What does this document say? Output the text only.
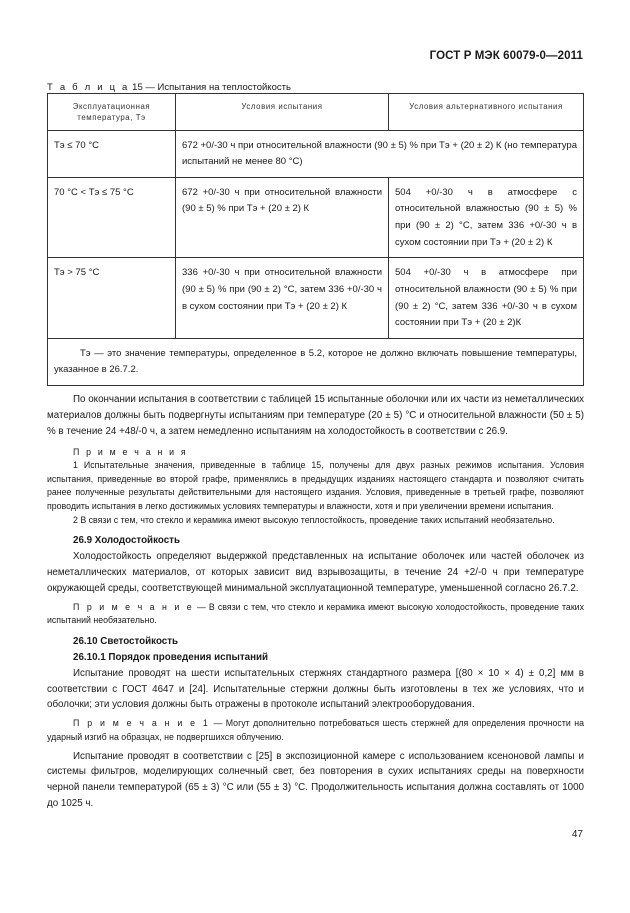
ГОСТ Р МЭК 60079-0—2011
Т а б л и ц а 15 — Испытания на теплостойкость
Эксплуатационная температура, Tэ	Условия испытания	Условия альтернативного испытания
Tэ ≤ 70 °С	672 +0/-30 ч при относительной влажности (90 ± 5) % при Tэ + (20 ± 2) К (но температура испытаний не менее 80 °С)	
70 °С < Tэ ≤ 75 °С	672 +0/-30 ч при относительной влажности (90 ± 5) % при Tэ + (20 ± 2) К	504 +0/-30 ч в атмосфере с относительной влажностью (90 ± 5) % при (90 ± 2) °С, затем 336 +0/-30 ч в сухом состоянии при Tэ + (20 ± 2) К
Tэ > 75 °С	336 +0/-30 ч при относительной влажности (90 ± 5) % при (90 ± 2) °С, затем 336 +0/-30 ч в сухом состоянии при Tэ + (20 ± 2) К	504 +0/-30 ч в атмосфере при относительной влажности (90 ± 5) % при (90 ± 2) °С, затем 336 +0/-30 ч в сухом состоянии при Tэ + (20 ± 2)К
Tэ — это значение температуры, определенное в 5.2, которое не должно включать повышение температуры, указанное в 26.7.2.		

По окончании испытания в соответствии с таблицей 15 испытанные оболочки или их части из неметаллических материалов должны быть подвергнуты испытаниям при температуре (20 ± 5) °С и относительной влажности (50 ± 5) % в течение 24 +48/-0 ч, а затем немедленно испытаниям на холодостойкость в соответствии с 26.9.

П р и м е ч а н и я

1 Испытательные значения, приведенные в таблице 15, получены для двух разных режимов испытания. Условия испытания, приведенные во второй графе, применялись в предыдущих изданиях настоящего стандарта и позволяют считать ранее полученные результаты действительными для настоящего издания. Условия, приведенные в третьей графе, позволяют проводить испытания в легко достижимых условиях температуры и влажности, хотя и при увеличении времени испытания.

2 В связи с тем, что стекло и керамика имеют высокую теплостойкость, проведение таких испытаний необязательно.

26.9 Холодостойкость

Холодостойкость определяют выдержкой представленных на испытание оболочек или частей оболочек из неметаллических материалов, от которых зависит вид взрывозащиты, в течение 24 +2/-0 ч при температуре окружающей среды, соответствующей минимальной эксплуатационной температуре, уменьшенной согласно 26.7.2.

П р и м е ч а н и е — В связи с тем, что стекло и керамика имеют высокую холодостойкость, проведение таких испытаний необязательно.

26.10 Светостойкость

26.10.1 Порядок проведения испытаний

Испытание проводят на шести испытательных стержнях стандартного размера [(80 × 10 × 4) ± 0,2] мм в соответствии с ГОСТ 4647 и [24]. Испытательные стержни должны быть изготовлены в тех же условиях, что и оболочки; эти условия должны быть отражены в протоколе испытаний электрооборудования.

П р и м е ч а н и е 1 — Могут дополнительно потребоваться шесть стержней для определения прочности на ударный изгиб на образцах, не подвергшихся облучению.

Испытание проводят в соответствии с [25] в экспозиционной камере с использованием ксеноновой лампы и системы фильтров, моделирующих солнечный свет, без повторения в сухих испытаниях среды на поверхности черной панели температурой (65 ± 3) °С или (55 ± 3) °С. Продолжительность испытания должна составлять от 1000 до 1025 ч.

47
